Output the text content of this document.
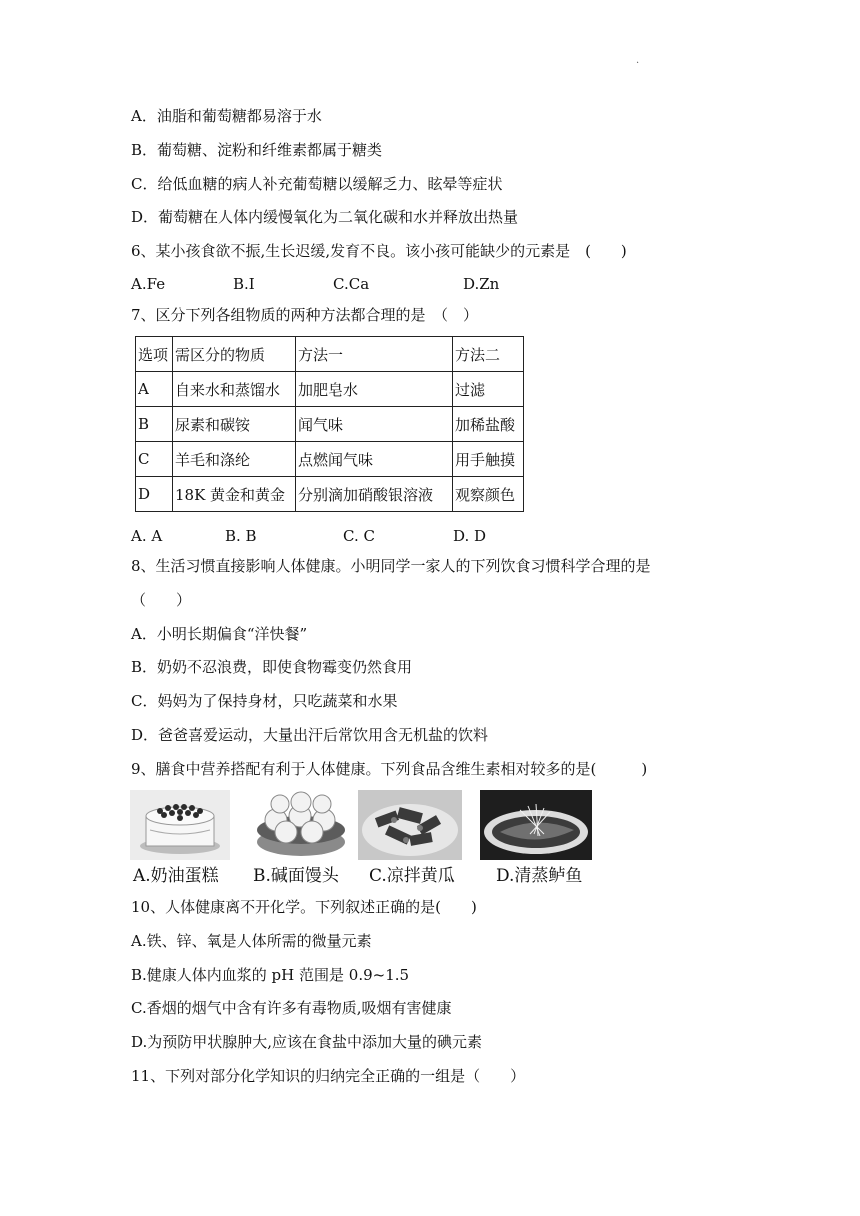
·
A．油脂和葡萄糖都易溶于水
B．葡萄糖、淀粉和纤维素都属于糖类
C．给低血糖的病人补充葡萄糖以缓解乏力、眩晕等症状
D．葡萄糖在人体内缓慢氧化为二氧化碳和水并释放出热量
6、某小孩食欲不振,生长迟缓,发育不良。该小孩可能缺少的元素是　(　　)
A.Fe	B.I	C.Ca	D.Zn
7、区分下列各组物质的两种方法都合理的是　（　）
选项	需区分的物质	方法一	方法二
A	自来水和蒸馏水	加肥皂水	过滤
B	尿素和碳铵	闻气味	加稀盐酸
C	羊毛和涤纶	点燃闻气味	用手触摸
D	18K 黄金和黄金	分别滴加硝酸银溶液	观察颜色
A. A	B. B	C. C	D. D
8、生活习惯直接影响人体健康。小明同学一家人的下列饮食习惯科学合理的是
（　　）
A．小明长期偏食“洋快餐”
B．奶奶不忍浪费，即使食物霉变仍然食用
C．妈妈为了保持身材，只吃蔬菜和水果
D．爸爸喜爱运动，大量出汗后常饮用含无机盐的饮料
9、膳食中营养搭配有利于人体健康。下列食品含维生素相对较多的是(　　　)
A.奶油蛋糕 B.碱面馒头 C.凉拌黄瓜 D.清蒸鲈鱼
10、人体健康离不开化学。下列叙述正确的是(　　)
A.铁、锌、氧是人体所需的微量元素
B.健康人体内血浆的 pH 范围是 0.9~1.5
C.香烟的烟气中含有许多有毒物质,吸烟有害健康
D.为预防甲状腺肿大,应该在食盐中添加大量的碘元素
11、下列对部分化学知识的归纳完全正确的一组是（　　）
